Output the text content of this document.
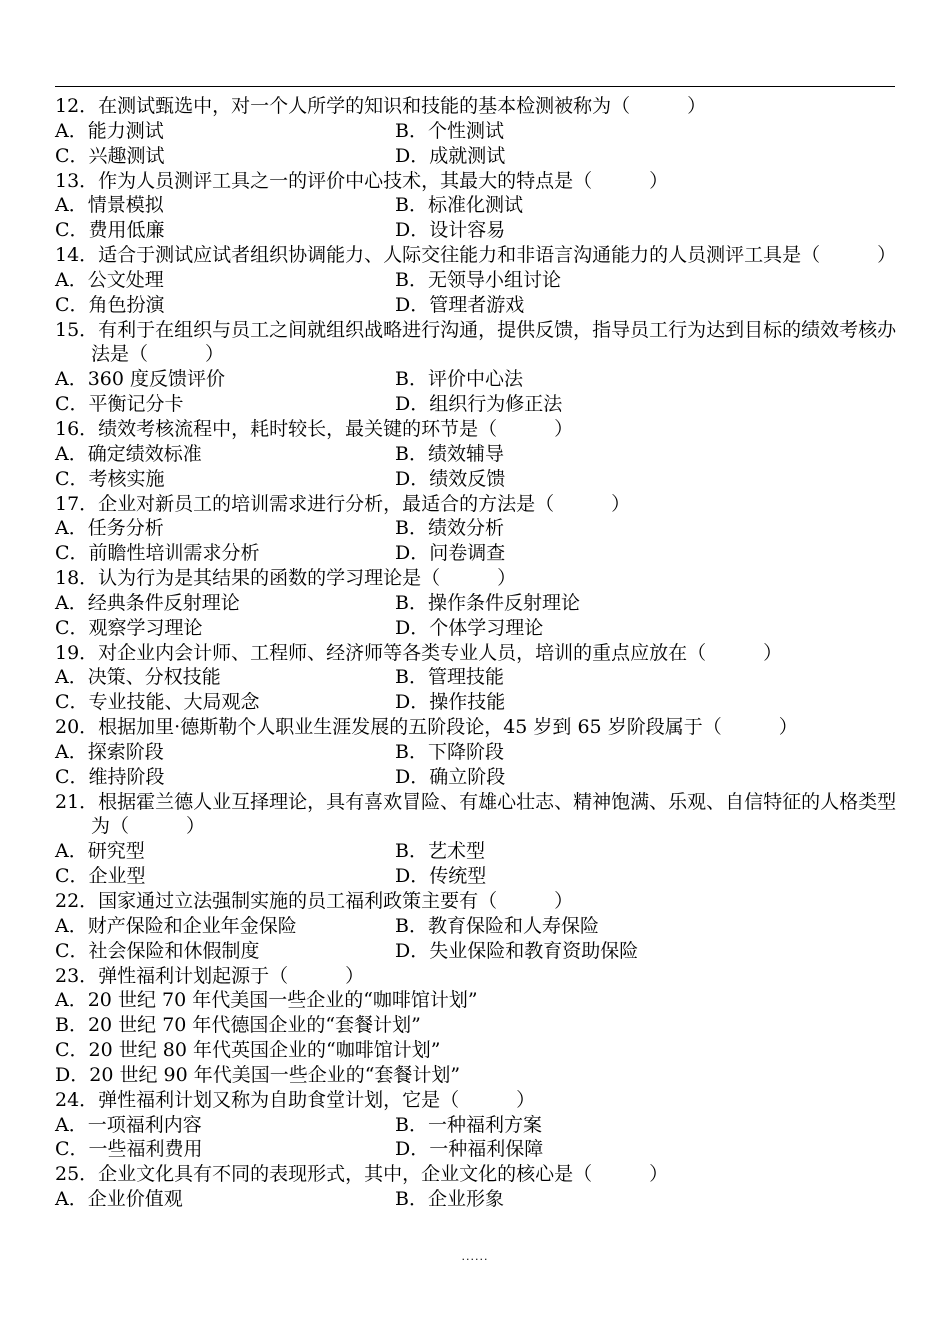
12．在测试甄选中，对一个人所学的知识和技能的基本检测被称为（　　　）

A．能力测试	B．个性测试
C．兴趣测试	D．成就测试

13．作为人员测评工具之一的评价中心技术，其最大的特点是（　　　）

A．情景模拟	B．标准化测试
C．费用低廉	D．设计容易

14．适合于测试应试者组织协调能力、人际交往能力和非语言沟通能力的人员测评工具是（　　　）

A．公文处理	B．无领导小组讨论
C．角色扮演	D．管理者游戏

15．有利于在组织与员工之间就组织战略进行沟通，提供反馈，指导员工行为达到目标的绩效考核办法是（　　　）

A．360 度反馈评价	B．评价中心法
C．平衡记分卡	D．组织行为修正法

16．绩效考核流程中，耗时较长，最关键的环节是（　　　）

A．确定绩效标准	B．绩效辅导
C．考核实施	D．绩效反馈

17．企业对新员工的培训需求进行分析，最适合的方法是（　　　）

A．任务分析	B．绩效分析
C．前瞻性培训需求分析	D．问卷调查

18．认为行为是其结果的函数的学习理论是（　　　）

A．经典条件反射理论	B．操作条件反射理论
C．观察学习理论	D．个体学习理论

19．对企业内会计师、工程师、经济师等各类专业人员，培训的重点应放在（　　　）

A．决策、分权技能	B．管理技能
C．专业技能、大局观念	D．操作技能

20．根据加里·德斯勒个人职业生涯发展的五阶段论，45 岁到 65 岁阶段属于（　　　）

A．探索阶段	B．下降阶段
C．维持阶段	D．确立阶段

21．根据霍兰德人业互择理论，具有喜欢冒险、有雄心壮志、精神饱满、乐观、自信特征的人格类型为（　　　）

A．研究型	B．艺术型
C．企业型	D．传统型

22．国家通过立法强制实施的员工福利政策主要有（　　　）

A．财产保险和企业年金保险	B．教育保险和人寿保险
C．社会保险和休假制度	D．失业保险和教育资助保险

23．弹性福利计划起源于（　　　）

A．20 世纪 70 年代美国一些企业的“咖啡馆计划”

B．20 世纪 70 年代德国企业的“套餐计划”

C．20 世纪 80 年代英国企业的“咖啡馆计划”

D．20 世纪 90 年代美国一些企业的“套餐计划”

24．弹性福利计划又称为自助食堂计划，它是（　　　）

A．一项福利内容	B．一种福利方案
C．一些福利费用	D．一种福利保障

25．企业文化具有不同的表现形式，其中，企业文化的核心是（　　　）

A．企业价值观	B．企业形象
......
